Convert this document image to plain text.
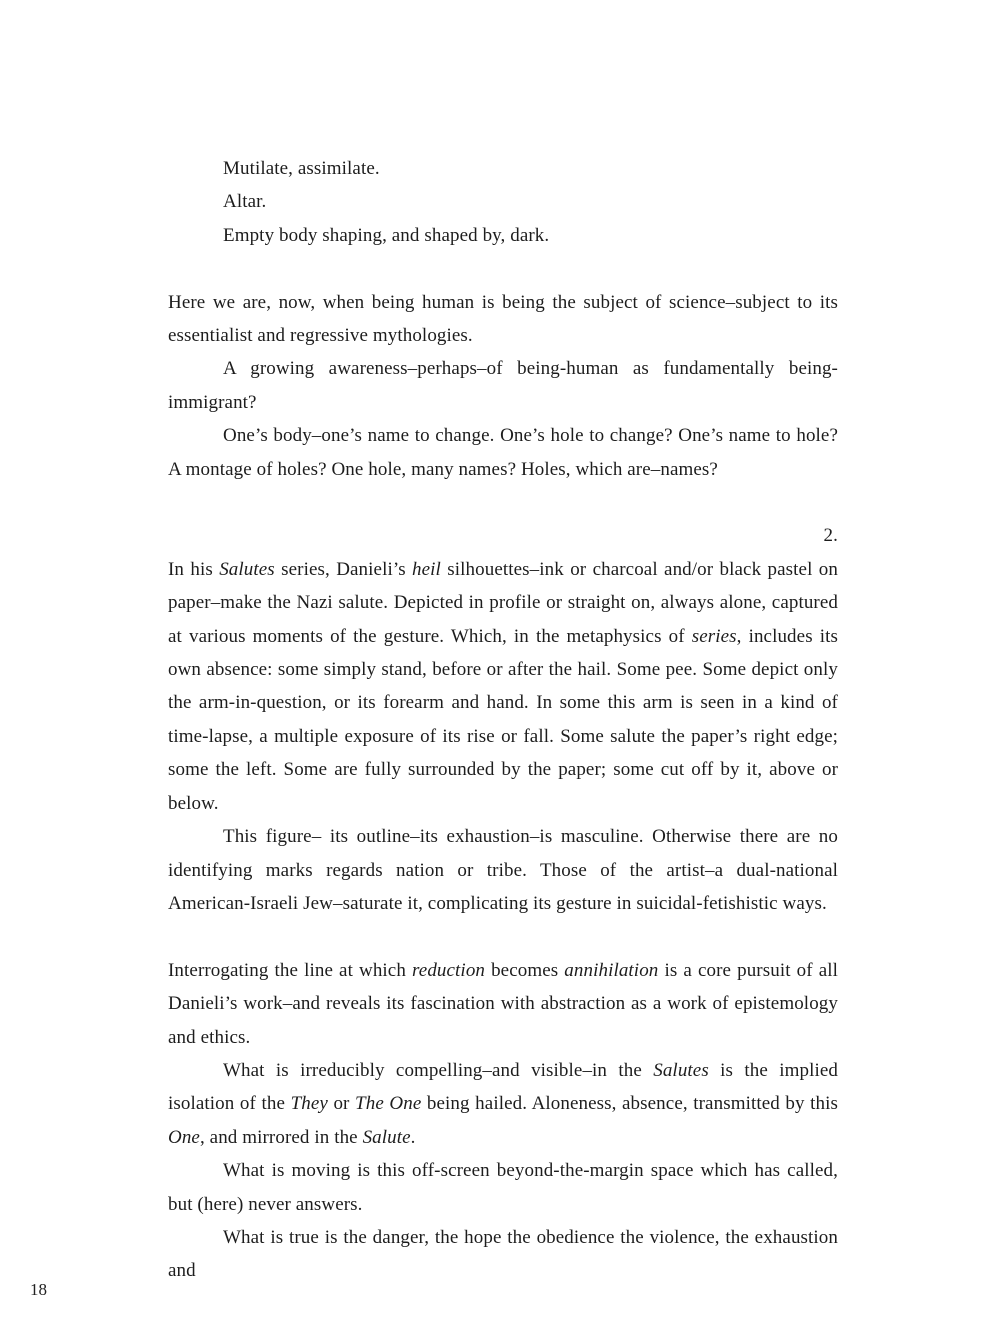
Mutilate, assimilate.

Altar.

Empty body shaping, and shaped by, dark.

Here we are, now, when being human is being the subject of science–subject to its essentialist and regressive mythologies.

A growing awareness–perhaps–of being-human as fundamentally being-immigrant?

One’s body–one’s name to change. One’s hole to change? One’s name to hole? A montage of holes? One hole, many names? Holes, which are–names?

2.

In his Salutes series, Danieli’s heil silhouettes–ink or charcoal and/or black pastel on paper–make the Nazi salute. Depicted in profile or straight on, always alone, captured at various moments of the gesture. Which, in the metaphysics of series, includes its own absence: some simply stand, before or after the hail. Some pee. Some depict only the arm-in-question, or its forearm and hand. In some this arm is seen in a kind of time-lapse, a multiple exposure of its rise or fall. Some salute the paper’s right edge; some the left. Some are fully surrounded by the paper; some cut off by it, above or below.

This figure– its outline–its exhaustion–is masculine. Otherwise there are no identifying marks regards nation or tribe. Those of the artist–a dual-national American-Israeli Jew–saturate it, complicating its gesture in suicidal-fetishistic ways.

Interrogating the line at which reduction becomes annihilation is a core pursuit of all Danieli’s work–and reveals its fascination with abstraction as a work of epistemology and ethics.

What is irreducibly compelling–and visible–in the Salutes is the implied isolation of the They or The One being hailed. Aloneness, absence, transmitted by this One, and mirrored in the Salute.

What is moving is this off-screen beyond-the-margin space which has called, but (here) never answers.

What is true is the danger, the hope the obedience the violence, the exhaustion and

18
